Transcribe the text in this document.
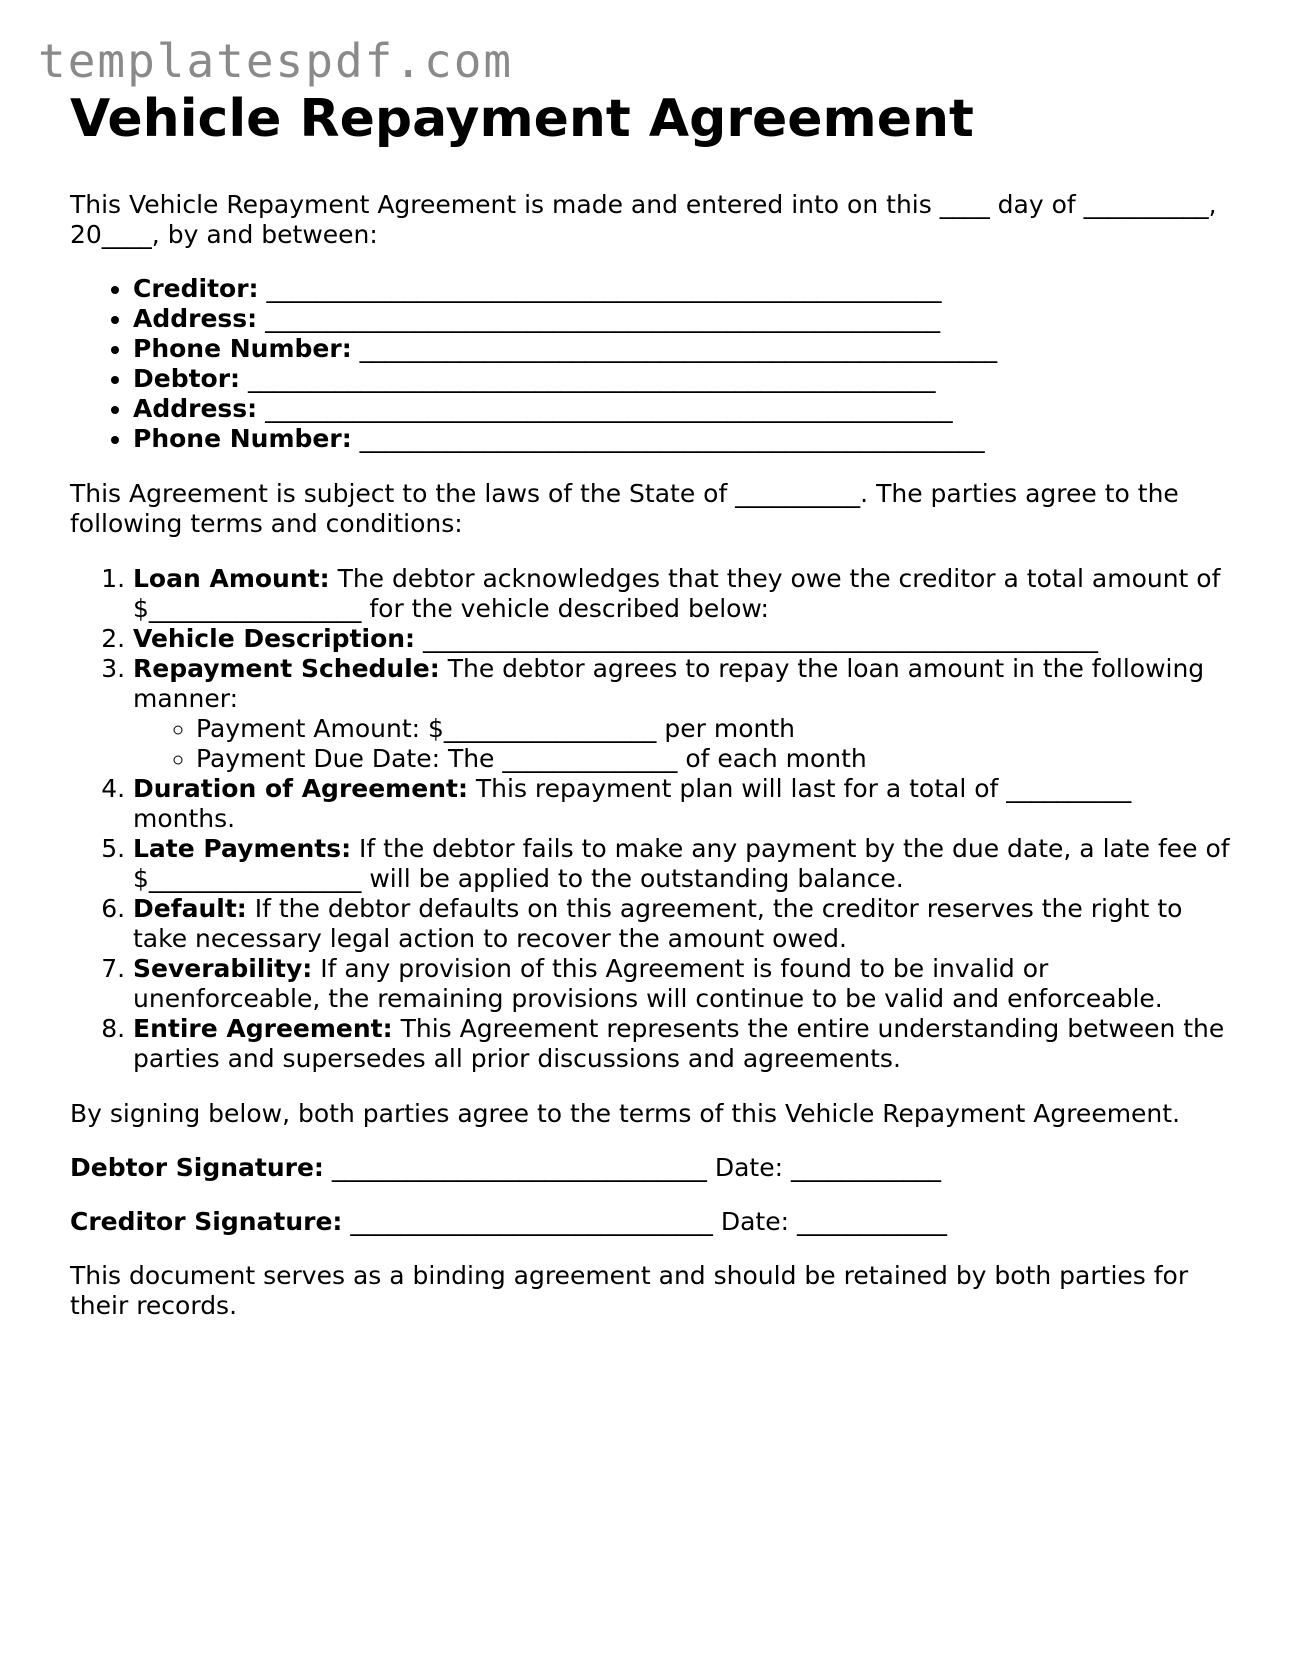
templatespdf.com
Vehicle Repayment Agreement

This Vehicle Repayment Agreement is made and entered into on this ____ day of __________, 20____, by and between:

• Creditor: ______________________________________________________
• Address: ______________________________________________________
• Phone Number: ___________________________________________________
• Debtor: _______________________________________________________
• Address: _______________________________________________________
• Phone Number: __________________________________________________

This Agreement is subject to the laws of the State of __________. The parties agree to the following terms and conditions:

1. Loan Amount: The debtor acknowledges that they owe the creditor a total amount of $_________________ for the vehicle described below:
2. Vehicle Description: ______________________________________________________
3. Repayment Schedule: The debtor agrees to repay the loan amount in the following manner:
◦ Payment Amount: $_________________ per month
◦ Payment Due Date: The ______________ of each month
4. Duration of Agreement: This repayment plan will last for a total of __________ months.
5. Late Payments: If the debtor fails to make any payment by the due date, a late fee of $_________________ will be applied to the outstanding balance.
6. Default: If the debtor defaults on this agreement, the creditor reserves the right to take necessary legal action to recover the amount owed.
7. Severability: If any provision of this Agreement is found to be invalid or unenforceable, the remaining provisions will continue to be valid and enforceable.
8. Entire Agreement: This Agreement represents the entire understanding between the parties and supersedes all prior discussions and agreements.

By signing below, both parties agree to the terms of this Vehicle Repayment Agreement.

Debtor Signature: ______________________________ Date: ____________

Creditor Signature: _____________________________ Date: ____________

This document serves as a binding agreement and should be retained by both parties for their records.
